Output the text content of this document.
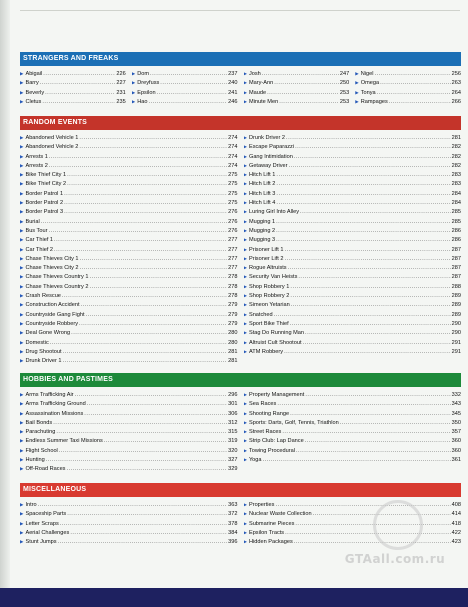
STRANGERS AND FREAKS
▶ Abigail .....	226
▶ Barry .....	227
▶ Beverly .....	231
▶ Cletus .....	235
▶ Dom .....	237
▶ Dreyfuss .....	240
▶ Epsilon .....	241
▶ Hao .....	246
▶ Josh .....	247
▶ Mary-Ann .....	250
▶ Maude .....	253
▶ Minute Men .....	253
▶ Nigel .....	256
▶ Omega .....	263
▶ Tonya .....	264
▶ Rampages .....	266
RANDOM EVENTS
▶ Abandoned Vehicle 1 .....	274
▶ Abandoned Vehicle 2 .....	274
▶ Arrests 1 .....	274
▶ Arrests 2 .....	274
▶ Bike Thief City 1 .....	275
▶ Bike Thief City 2 .....	275
▶ Border Patrol 1 .....	275
▶ Border Patrol 2 .....	275
▶ Border Patrol 3 .....	276
▶ Burial .....	276
▶ Bus Tour .....	276
▶ Car Thief 1 .....	277
▶ Car Thief 2 .....	277
▶ Chase Thieves City 1 .....	277
▶ Chase Thieves City 2 .....	277
▶ Chase Thieves Country 1 .....	278
▶ Chase Thieves Country 2 .....	278
▶ Crash Rescue .....	278
▶ Construction Accident .....	279
▶ Countryside Gang Fight .....	279
▶ Countryside Robbery .....	279
▶ Deal Gone Wrong .....	280
▶ Domestic .....	280
▶ Drug Shootout .....	281
▶ Drunk Driver 1 .....	281
▶ Drunk Driver 2 .....	281
▶ Escape Paparazzi .....	282
▶ Gang Intimidation .....	282
▶ Getaway Driver .....	282
▶ Hitch Lift 1 .....	283
▶ Hitch Lift 2 .....	283
▶ Hitch Lift 3 .....	284
▶ Hitch Lift 4 .....	284
▶ Luring Girl Into Alley .....	285
▶ Mugging 1 .....	285
▶ Mugging 2 .....	286
▶ Mugging 3 .....	286
▶ Prisoner Lift 1 .....	287
▶ Prisoner Lift 2 .....	287
▶ Rogue Altruists .....	287
▶ Security Van Heists .....	287
▶ Shop Robbery 1 .....	288
▶ Shop Robbery 2 .....	289
▶ Simeon Yetarian .....	289
▶ Snatched .....	289
▶ Sport Bike Thief .....	290
▶ Stag Do Running Man .....	290
▶ Altruist Cult Shootout .....	291
▶ ATM Robbery .....	291
HOBBIES AND PASTIMES
▶ Arms Trafficking Air .....	296
▶ Arms Trafficking Ground .....	301
▶ Assassination Missions .....	306
▶ Bail Bonds .....	312
▶ Parachuting .....	315
▶ Endless Summer Taxi Missions .....	319
▶ Flight School .....	320
▶ Hunting .....	327
▶ Off-Road Races .....	329
▶ Property Management .....	332
▶ Sea Races .....	343
▶ Shooting Range .....	345
▶ Sports: Darts, Golf, Tennis, Triathlon .....	350
▶ Street Races .....	357
▶ Strip Club: Lap Dance .....	360
▶ Towing Procedural .....	360
▶ Yoga .....	361
MISCELLANEOUS
▶ Intro .....	363
▶ Spaceship Parts .....	372
▶ Letter Scraps .....	378
▶ Aerial Challenges .....	384
▶ Stunt Jumps .....	396
▶ Properties .....	408
▶ Nuclear Waste Collection .....	414
▶ Submarine Pieces .....	418
▶ Epsilon Tracts .....	422
▶ Hidden Packages .....	423
GTAall.com.ru
